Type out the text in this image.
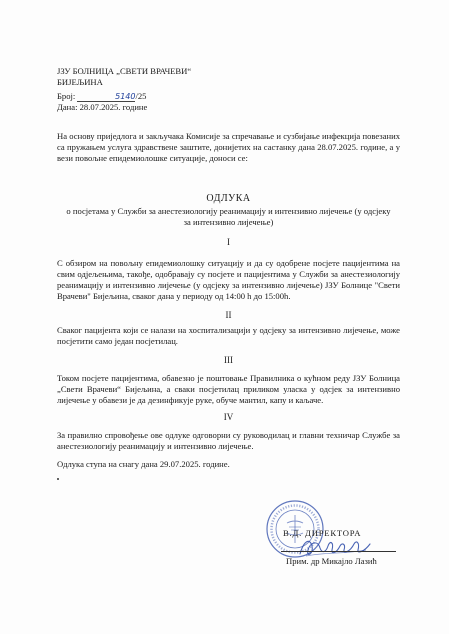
ЈЗУ БОЛНИЦА „СВЕТИ ВРАЧЕВИ“
БИЈЕЉИНА
Број:	5140/25
Дана: 28.07.2025. године
На основу приједлога и закључака Комисије за спречавање и сузбијање инфекција повезаних са пружањем услуга здравствене заштите, донијетих на састанку дана 28.07.2025. године, а у вези повољне епидемиолошке ситуације, доноси се:
ОДЛУКА
о посјетама у Служби за анестезиологију реанимацију и интензивно лијечење (у одсјеку
за интензивно лијечење)
I
С обзиром на повољну епидемиолошку ситуацију и да су одобрене посјете пацијентима на свим одјељењима, такође, одобравају су посјете и пацијентима у Служби за анестезиологију реанимацију и интензивно лијечење (у одсјеку за интензивно лијечење) ЈЗУ Болнице "Свети Врачеви" Бијељина, сваког дана у периоду од 14:00 h до 15:00h.
II
Сваког пацијента који се налази на хоспитализацији у одсјеку за интензивно лијечење, може посјетити само један посјетилац.
III
Током посјете пацијентима, обавезно је поштовање Правилника о кућном реду ЈЗУ Болница „Свети Врачеви“ Бијељина, а сваки посјетилац приликом уласка у одсјек за интензивно лијечење у обавези је да дезинфикује руке, обуче мантил, капу и каљаче.
IV
За правилно спровођење ове одлуке одговорни су руководилац и главни техничар Службе за анестезиологију реанимацију и интензивно лијечење.
Одлука ступа на снагу дана 29.07.2025. године.
В.Д. ДИРЕКТОРА
Прим. др Микајло Лазић
